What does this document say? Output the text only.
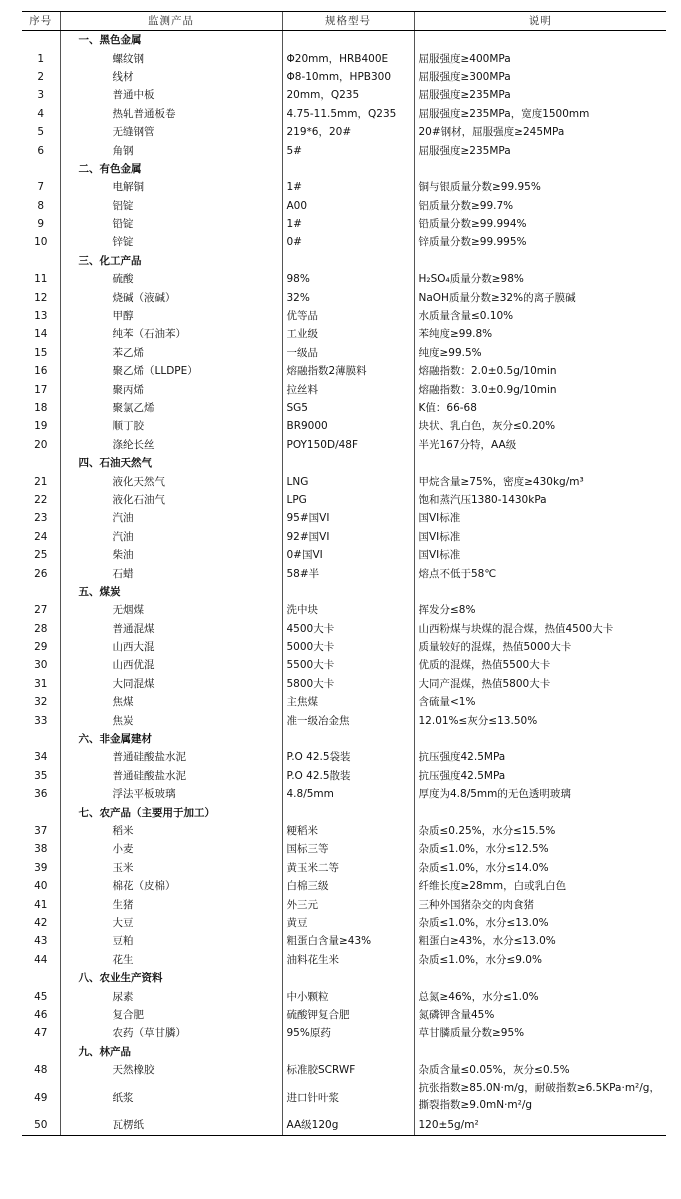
序号	监测产品	规格型号	说明
	一、黑色金属		
1	螺纹钢	Φ20mm，HRB400E	屈服强度≥400MPa
2	线材	Φ8-10mm，HPB300	屈服强度≥300MPa
3	普通中板	20mm，Q235	屈服强度≥235MPa
4	热轧普通板卷	4.75-11.5mm，Q235	屈服强度≥235MPa，宽度1500mm
5	无缝钢管	219*6，20#	20#钢材，屈服强度≥245MPa
6	角钢	5#	屈服强度≥235MPa
	二、有色金属		
7	电解铜	1#	铜与银质量分数≥99.95%
8	铝锭	A00	铝质量分数≥99.7%
9	铅锭	1#	铅质量分数≥99.994%
10	锌锭	0#	锌质量分数≥99.995%
	三、化工产品		
11	硫酸	98%	H₂SO₄质量分数≥98%
12	烧碱（液碱）	32%	NaOH质量分数≥32%的离子膜碱
13	甲醇	优等品	水质量含量≤0.10%
14	纯苯（石油苯）	工业级	苯纯度≥99.8%
15	苯乙烯	一级品	纯度≥99.5%
16	聚乙烯（LLDPE）	熔融指数2薄膜料	熔融指数：2.0±0.5g/10min
17	聚丙烯	拉丝料	熔融指数：3.0±0.9g/10min
18	聚氯乙烯	SG5	K值：66-68
19	顺丁胶	BR9000	块状、乳白色，灰分≤0.20%
20	涤纶长丝	POY150D/48F	半光167分特，AA级
	四、石油天然气		
21	液化天然气	LNG	甲烷含量≥75%，密度≥430kg/m³
22	液化石油气	LPG	饱和蒸汽压1380-1430kPa
23	汽油	95#国VI	国VI标准
24	汽油	92#国VI	国VI标准
25	柴油	0#国VI	国VI标准
26	石蜡	58#半	熔点不低于58℃
	五、煤炭		
27	无烟煤	洗中块	挥发分≤8%
28	普通混煤	4500大卡	山西粉煤与块煤的混合煤，热值4500大卡
29	山西大混	5000大卡	质量较好的混煤，热值5000大卡
30	山西优混	5500大卡	优质的混煤，热值5500大卡
31	大同混煤	5800大卡	大同产混煤，热值5800大卡
32	焦煤	主焦煤	含硫量<1%
33	焦炭	准一级冶金焦	12.01%≤灰分≤13.50%
	六、非金属建材		
34	普通硅酸盐水泥	P.O 42.5袋装	抗压强度42.5MPa
35	普通硅酸盐水泥	P.O 42.5散装	抗压强度42.5MPa
36	浮法平板玻璃	4.8/5mm	厚度为4.8/5mm的无色透明玻璃
	七、农产品（主要用于加工）		
37	稻米	粳稻米	杂质≤0.25%，水分≤15.5%
38	小麦	国标三等	杂质≤1.0%，水分≤12.5%
39	玉米	黄玉米二等	杂质≤1.0%，水分≤14.0%
40	棉花（皮棉）	白棉三级	纤维长度≥28mm，白或乳白色
41	生猪	外三元	三种外国猪杂交的肉食猪
42	大豆	黄豆	杂质≤1.0%，水分≤13.0%
43	豆粕	粗蛋白含量≥43%	粗蛋白≥43%，水分≤13.0%
44	花生	油料花生米	杂质≤1.0%，水分≤9.0%
	八、农业生产资料		
45	尿素	中小颗粒	总氮≥46%，水分≤1.0%
46	复合肥	硫酸钾复合肥	氮磷钾含量45%
47	农药（草甘膦）	95%原药	草甘膦质量分数≥95%
	九、林产品		
48	天然橡胶	标准胶SCRWF	杂质含量≤0.05%，灰分≤0.5%
49	纸浆	进口针叶浆	抗张指数≥85.0N·m/g，耐破指数≥6.5KPa·m²/g，撕裂指数≥9.0mN·m²/g
50	瓦楞纸	AA级120g	120±5g/m²
